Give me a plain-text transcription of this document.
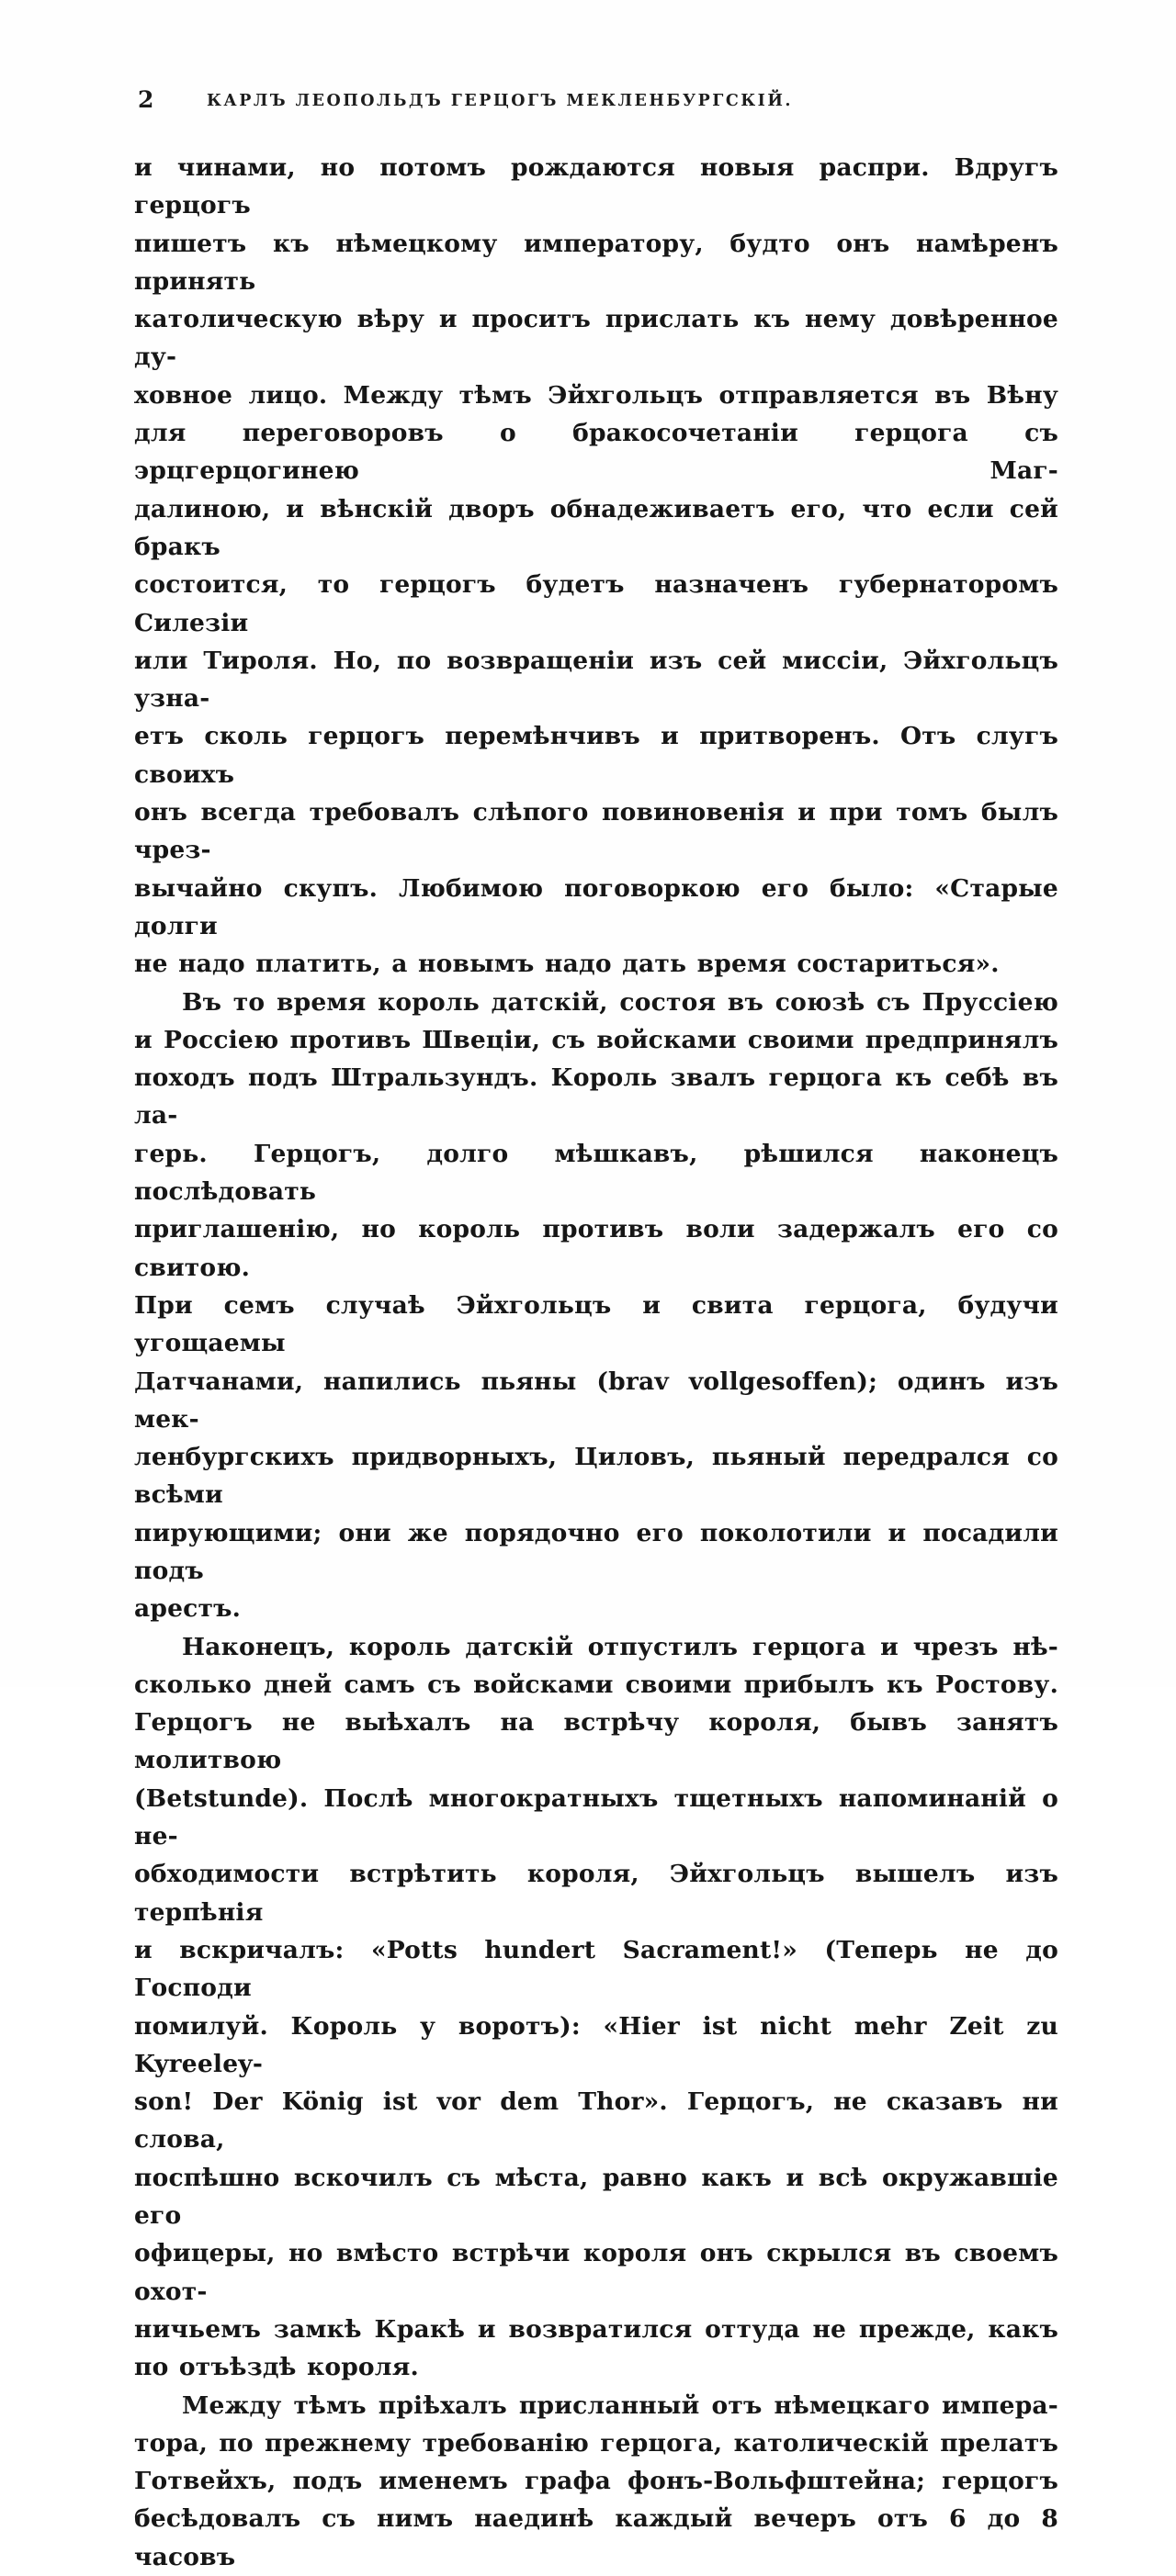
2	КАРЛЪ ЛЕОПОЛЬДЪ ГЕРЦОГЪ МЕКЛЕНБУРГСКІЙ.
и чинами, но потомъ рождаются новыя распри. Вдругъ герцогъ
пишетъ къ нѣмецкому императору, будто онъ намѣренъ принять
католическую вѣру и проситъ прислать къ нему довѣренное ду-
ховное лицо. Между тѣмъ Эйхгольцъ отправляется въ Вѣну
для переговоровъ о бракосочетаніи герцога съ эрцгерцогинею Маг-
далиною, и вѣнскій дворъ обнадеживаетъ его, что если сей бракъ
состоится, то герцогъ будетъ назначенъ губернаторомъ Силезіи
или Тироля. Но, по возвращеніи изъ сей миссіи, Эйхгольцъ узна-
етъ сколь герцогъ перемѣнчивъ и притворенъ. Отъ слугъ своихъ
онъ всегда требовалъ слѣпого повиновенія и при томъ былъ чрез-
вычайно скупъ. Любимою поговоркою его было: «Старые долги
не надо платить, а новымъ надо дать время состариться».
Въ то время король датскій, состоя въ союзѣ съ Пруссіею
и Россіею противъ Швеціи, съ войсками своими предпринялъ
походъ подъ Штральзундъ. Король звалъ герцога къ себѣ въ ла-
герь. Герцогъ, долго мѣшкавъ, рѣшился наконецъ послѣдовать
приглашенію, но король противъ воли задержалъ его со свитою.
При семъ случаѣ Эйхгольцъ и свита герцога, будучи угощаемы
Датчанами, напились пьяны (brav vollgesoffen); одинъ изъ мек-
ленбургскихъ придворныхъ, Циловъ, пьяный передрался со всѣми
пирующими; они же порядочно его поколотили и посадили подъ
арестъ.
Наконецъ, король датскій отпустилъ герцога и чрезъ нѣ-
сколько дней самъ съ войсками своими прибылъ къ Ростову.
Герцогъ не выѣхалъ на встрѣчу короля, бывъ занятъ молитвою
(Betstunde). Послѣ многократныхъ тщетныхъ напоминаній о не-
обходимости встрѣтить короля, Эйхгольцъ вышелъ изъ терпѣнія
и вскричалъ: «Potts hundert Sacrament!» (Теперь не до Господи
помилуй. Король у воротъ): «Hier ist nicht mehr Zeit zu Kyreeley-
son! Der König ist vor dem Thor». Герцогъ, не сказавъ ни слова,
поспѣшно вскочилъ съ мѣста, равно какъ и всѣ окружавшіе его
офицеры, но вмѣсто встрѣчи короля онъ скрылся въ своемъ охот-
ничьемъ замкѣ Кракѣ и возвратился оттуда не прежде, какъ
по отъѣздѣ короля.
Между тѣмъ пріѣхалъ присланный отъ нѣмецкаго импера-
тора, по прежнему требованію герцога, католическій прелатъ
Готвейхъ, подъ именемъ графа фонъ-Вольфштейна; герцогъ
бесѣдовалъ съ нимъ наединѣ каждый вечеръ отъ 6 до 8 часовъ
